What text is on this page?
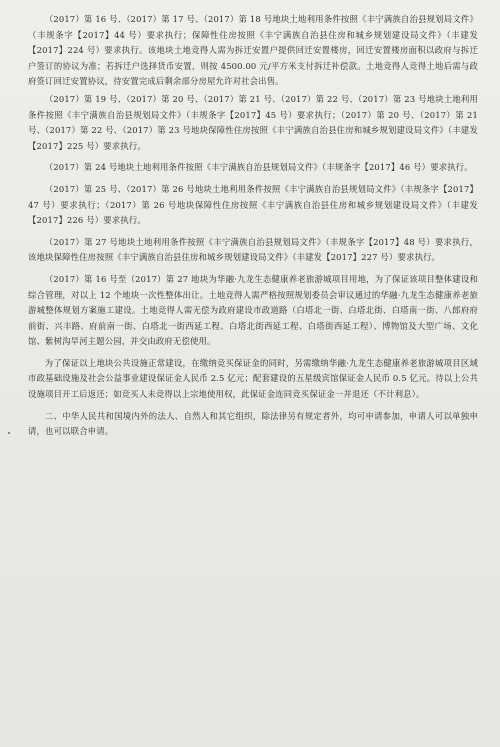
（2017）第 16 号、（2017）第 17 号、（2017）第 18 号地块土地利用条件按照《丰宁满族自治县规划局文件》（丰规条字【2017】44 号）要求执行；保障性住房按照《丰宁满族自治县住房和城乡规划建设局文件》（丰建发【2017】224 号）要求执行。该地块土地竞得人需为拆迁安置户提供回迁安置楼房，回迁安置楼房面积以政府与拆迁户签订的协议为准；若拆迁户选择货币安置，则按 4500.00 元/平方米支付拆迁补偿款。土地竞得人竞得土地后需与政府签订回迁安置协议，待安置完成后剩余部分房屋允许对社会出售。

（2017）第 19 号、（2017）第 20 号、（2017）第 21 号、（2017）第 22 号、（2017）第 23 号地块土地利用条件按照《丰宁满族自治县规划局文件》（丰规条字【2017】45 号）要求执行；（2017）第 20 号、（2017）第 21 号、（2017）第 22 号、（2017）第 23 号地块保障性住房按照《丰宁满族自治县住房和城乡规划建设局文件》（丰建发【2017】225 号）要求执行。

（2017）第 24 号地块土地利用条件按照《丰宁满族自治县规划局文件》（丰规条字【2017】46 号）要求执行。

（2017）第 25 号、（2017）第 26 号地块土地利用条件按照《丰宁满族自治县规划局文件》（丰规条字【2017】47 号）要求执行；（2017）第 26 号地块保障性住房按照《丰宁满族自治县住房和城乡规划建设局文件》（丰建发【2017】226 号）要求执行。

（2017）第 27 号地块土地利用条件按照《丰宁满族自治县规划局文件》（丰规条字【2017】48 号）要求执行，该地块保障性住房按照《丰宁满族自治县住房和城乡规划建设局文件》（丰建发【2017】227 号）要求执行。

（2017）第 16 号至（2017）第 27 地块为华融·九龙生态健康养老旅游城项目用地，为了保证该项目整体建设和综合管理，对以上 12 个地块一次性整体出让。土地竞得人需严格按照规划委员会审议通过的华融·九龙生态健康养老旅游城整体规划方案施工建设。土地竞得人需无偿为政府建设市政道路（白塔北一街、白塔北街、白塔南一街、八郎府府前街、兴丰路、府前南一街、白塔北一街西延工程、白塔北街西延工程、白塔街西延工程）、博物馆及大型广场、文化馆、紫树沟旱河主题公园，并交由政府无偿使用。

为了保证以上地块公共设施正常建设，在缴纳竞买保证金的同时，另需缴纳华融·九龙生态健康养老旅游城项目区域市政基础设施及社会公益事业建设保证金人民币 2.5 亿元；配套建设的五星级宾馆保证金人民币 0.5 亿元。待以上公共设施项目开工后返还；如竞买人未竞得以上宗地使用权，此保证金连同竞买保证金一并退还（不计利息）。

二、中华人民共和国境内外的法人、自然人和其它组织，除法律另有规定者外，均可申请参加，申请人可以单独申请，也可以联合申请。
